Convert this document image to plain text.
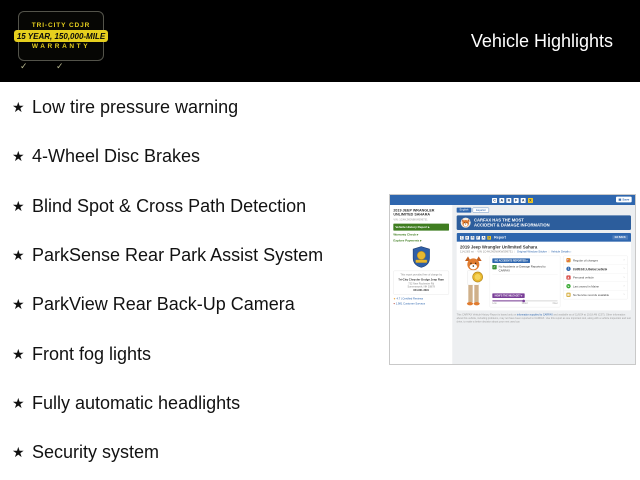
TRI-CITY CDJR
15 YEAR, 150,000-MILE
WARRANTY
✓	✓
Vehicle Highlights
★ Low tire pressure warning
★ 4-Wheel Disc Brakes
★ Blind Spot & Cross Path Detection
★ ParkSense Rear Park Assist System
★ ParkView Rear Back-Up Camera
★ Front fog lights
★ Fully automatic headlights
★ Security system
C A R F A X	▣ Save
2019 JEEP WRANGLER UNLIMITED SAHARA
VIN: 1C4HJXEN8KW599731
Vehicle History Report ▸
Warranty Check ▸
Explore Payments ▸
This report provided free of charge by
Tri-City Chrysler Dodge Jeep Ram
732 New Rochester Rd
Somersworth, NH 03878
844-831-3691
★ 4.7 | Certified Reviews
● 1,981 Customer Surveys
English Español
CARFAX HAS THE MOST
ACCIDENT & DAMAGE INFORMATION
C A R F A X Report	GO BACK
2019 Jeep Wrangler Unlimited Sahara
114,283 mi · VIN 1C4HJXEN8KW599731 | Original Window Sticker | Vehicle Details ›
NO ACCIDENTS REPORTED ▸
✓ No Accidents or Damage Reported to CARFAX
HOW'S THE MILEAGE? ▸
Low	Good	Over
⛽ Regular oil changes	›
1 CARFAX 1-Owner vehicle ›
♟ Personal vehicle	›
➤ Last owned in Maine ›
▤ No Service records available ›
This CARFAX Vehicle History Report is based only on information supplied to CARFAX and available as of 11/8/24 at 10:18 AM (CST). Other information about this vehicle, including problems, may not have been reported to CARFAX. Use this report as one important tool, along with a vehicle inspection and test drive, to make a better decision about your next used car.
